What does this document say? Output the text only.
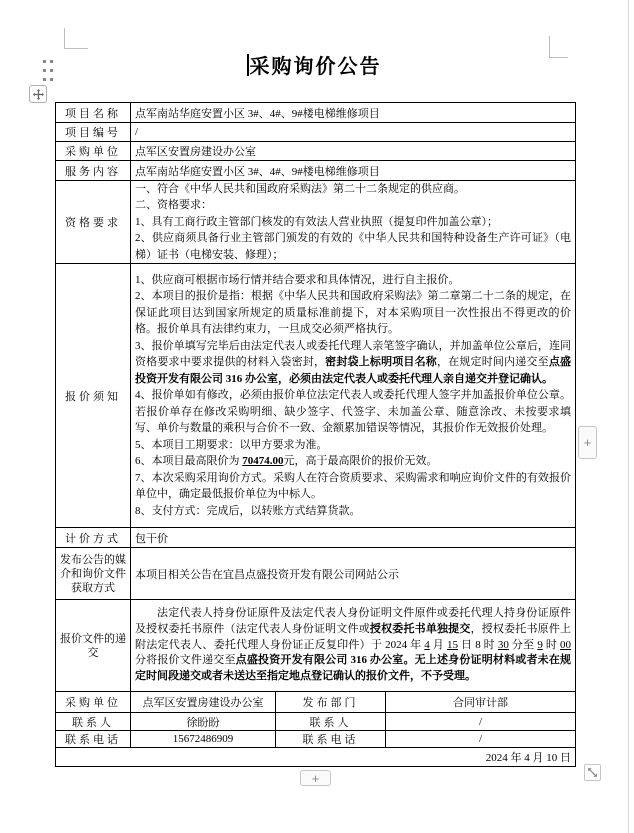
采购询价公告
项目名称	点军南站华庭安置小区 3#、4#、9#楼电梯维修项目		
项目编号	/		
采购单位	点军区安置房建设办公室		
服务内容	点军南站华庭安置小区 3#、4#、9#楼电梯维修项目		
资格要求	一、符合《中华人民共和国政府采购法》第二十二条规定的供应商。
二、资格要求：
1、具有工商行政主管部门核发的有效法人营业执照（提复印件加盖公章）；
2、供应商须具备行业主管部门颁发的有效的《中华人民共和国特种设备生产许可证》（电梯）证书（电梯安装、修理）；		

报价须知	
1、供应商可根据市场行情并结合要求和具体情况，进行自主报价。
2、本项目的报价是指：根据《中华人民共和国政府采购法》第二章第二十二条的规定，在保证此项目达到国家所规定的质量标准前提下，对本采购项目一次性报出不得更改的价格。报价单具有法律约束力，一旦成交必须严格执行。
3、报价单填写完毕后由法定代表人或委托代理人亲笔签字确认，并加盖单位公章后，连同资格要求中要求提供的材料入袋密封，密封袋上标明项目名称，在规定时间内递交至点盛投资开发有限公司 316 办公室，必须由法定代表人或委托代理人亲自递交并登记确认。
4、报价单如有修改，必须由报价单位法定代表人或委托代理人签字并加盖报价单位公章。若报价单存在修改采购明细、缺少签字、代签字、未加盖公章、随意涂改、未按要求填写、单价与数量的乘积与合价不一致、金额累加错误等情况，其报价作无效报价处理。
5、本项目工期要求：以甲方要求为准。
6、本项目最高限价为 70474.00元，高于最高限价的报价无效。
7、本次采购采用询价方式。采购人在符合资质要求、采购需求和响应询价文件的有效报价单位中，确定最低报价单位为中标人。
8、支付方式：完成后，以转账方式结算货款。

计价方式	包干价		
发布公告的媒介和询价文件获取方式	本项目相关公告在宜昌点盛投资开发有限公司网站公示		
报价文件的递交	法定代表人持身份证原件及法定代表人身份证明文件原件或委托代理人持身份证原件及授权委托书原件（法定代表人身份证明文件或授权委托书单独提交，授权委托书原件上附法定代表人、委托代理人身份证正反复印件）于 2024 年 4 月 15 日 8 时 30 分至 9 时 00 分将报价文件递交至点盛投资开发有限公司 316 办公室。无上述身份证明材料或者未在规定时间段递交或者未送达至指定地点登记确认的报价文件，不予受理。		

采购单位	点军区安置房建设办公室	发布部门	合同审计部
联系人	徐盼盼	联系人	/
联系电话	15672486909	联系电话	/
2024 年 4 月 10 日			
+
+
